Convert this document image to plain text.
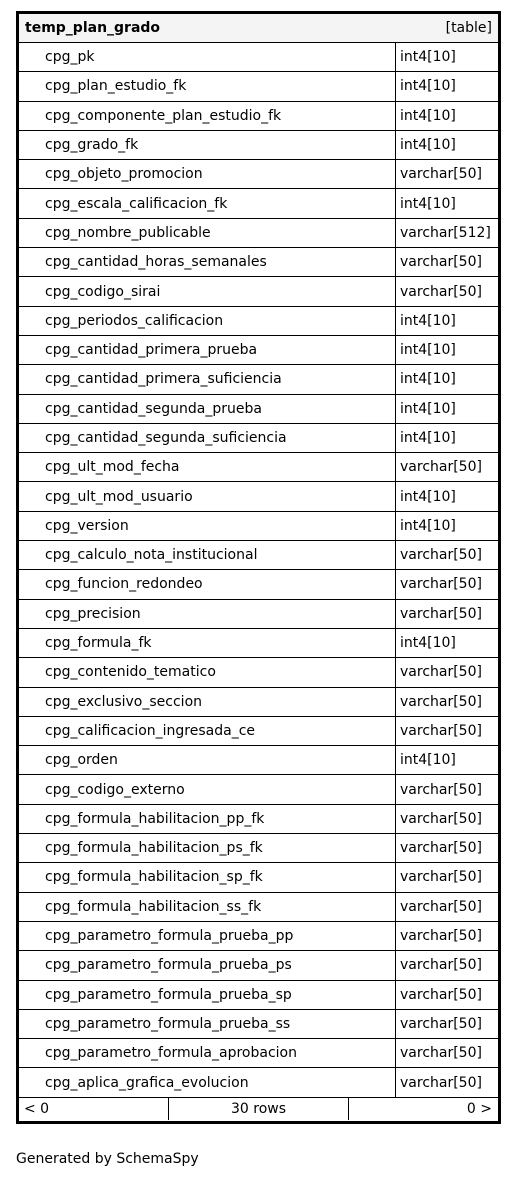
temp_plan_grado	[table]
cpg_pk	int4[10]
cpg_plan_estudio_fk	int4[10]
cpg_componente_plan_estudio_fk	int4[10]
cpg_grado_fk	int4[10]
cpg_objeto_promocion	varchar[50]
cpg_escala_calificacion_fk	int4[10]
cpg_nombre_publicable	varchar[512]
cpg_cantidad_horas_semanales	varchar[50]
cpg_codigo_sirai	varchar[50]
cpg_periodos_calificacion	int4[10]
cpg_cantidad_primera_prueba	int4[10]
cpg_cantidad_primera_suficiencia	int4[10]
cpg_cantidad_segunda_prueba	int4[10]
cpg_cantidad_segunda_suficiencia	int4[10]
cpg_ult_mod_fecha	varchar[50]
cpg_ult_mod_usuario	int4[10]
cpg_version	int4[10]
cpg_calculo_nota_institucional	varchar[50]
cpg_funcion_redondeo	varchar[50]
cpg_precision	varchar[50]
cpg_formula_fk	int4[10]
cpg_contenido_tematico	varchar[50]
cpg_exclusivo_seccion	varchar[50]
cpg_calificacion_ingresada_ce	varchar[50]
cpg_orden	int4[10]
cpg_codigo_externo	varchar[50]
cpg_formula_habilitacion_pp_fk	varchar[50]
cpg_formula_habilitacion_ps_fk	varchar[50]
cpg_formula_habilitacion_sp_fk	varchar[50]
cpg_formula_habilitacion_ss_fk	varchar[50]
cpg_parametro_formula_prueba_pp	varchar[50]
cpg_parametro_formula_prueba_ps	varchar[50]
cpg_parametro_formula_prueba_sp	varchar[50]
cpg_parametro_formula_prueba_ss	varchar[50]
cpg_parametro_formula_aprobacion	varchar[50]
cpg_aplica_grafica_evolucion	varchar[50]
< 0	30 rows	0 >
Generated by SchemaSpy
